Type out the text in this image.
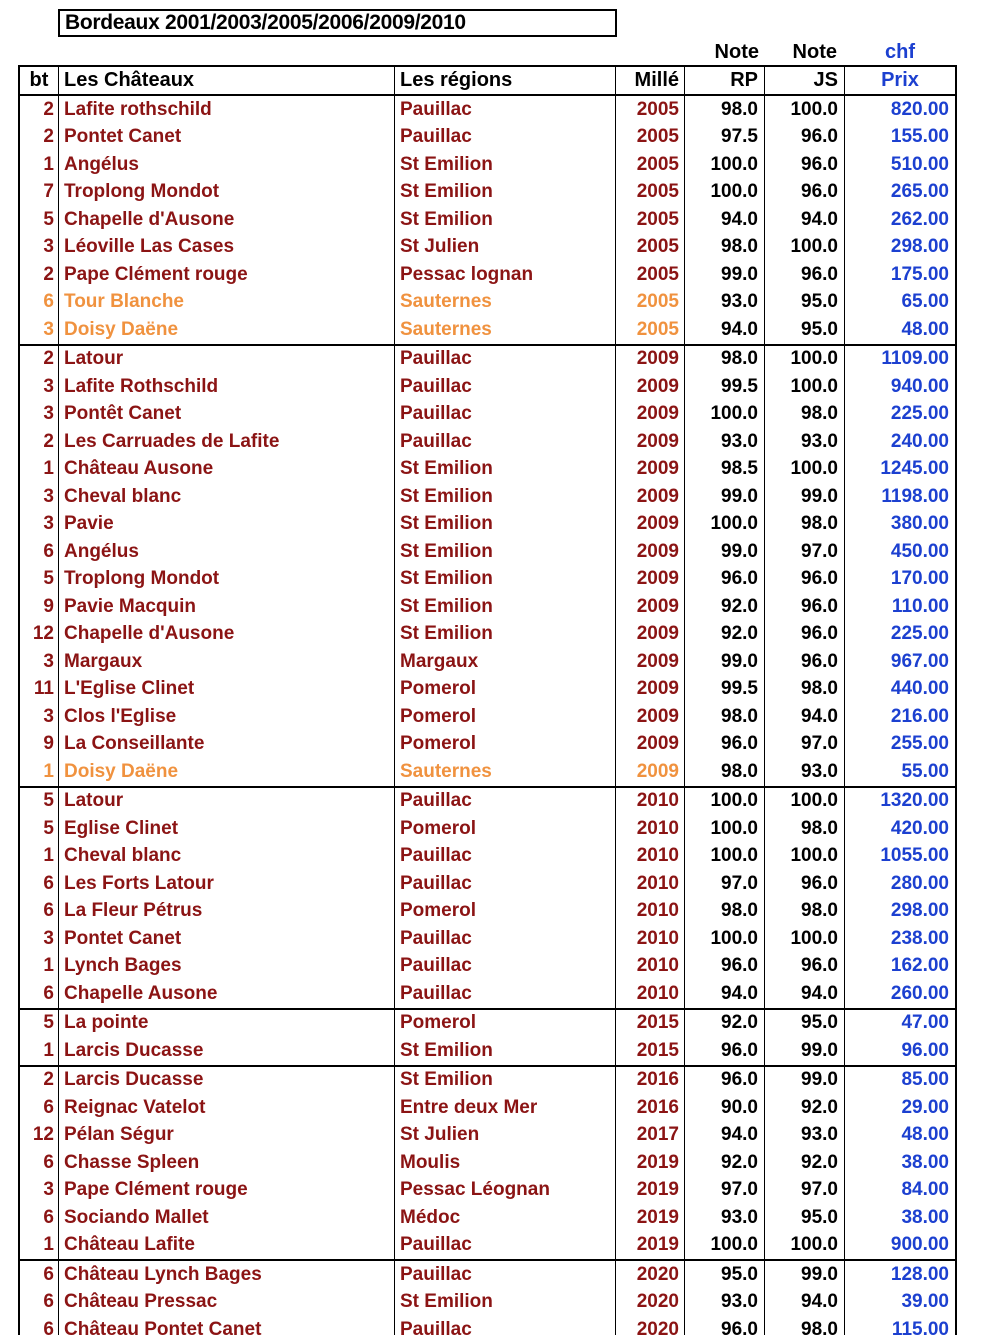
Bordeaux 2001/2003/2005/2006/2009/2010
Note	Note	chf
bt Les Châteaux	Les régions	Millé	RP	JS	Prix
2 Lafite rothschild	Pauillac	2005	98.0	100.0	820.00
2 Pontet Canet	Pauillac	2005	97.5	96.0	155.00
1 Angélus	St Emilion	2005	100.0	96.0	510.00
7 Troplong Mondot	St Emilion	2005	100.0	96.0	265.00
5 Chapelle d'Ausone	St Emilion	2005	94.0	94.0	262.00
3 Léoville Las Cases	St Julien	2005	98.0	100.0	298.00
2 Pape Clément rouge	Pessac lognan	2005	99.0	96.0	175.00
6 Tour Blanche	Sauternes	2005	93.0	95.0	65.00
3 Doisy Daëne	Sauternes	2005	94.0	95.0	48.00
2 Latour	Pauillac	2009	98.0	100.0	1109.00
3 Lafite Rothschild	Pauillac	2009	99.5	100.0	940.00
3 Pontêt Canet	Pauillac	2009	100.0	98.0	225.00
2 Les Carruades de Lafite	Pauillac	2009	93.0	93.0	240.00
1 Château Ausone	St Emilion	2009	98.5	100.0	1245.00
3 Cheval blanc	St Emilion	2009	99.0	99.0	1198.00
3 Pavie	St Emilion	2009	100.0	98.0	380.00
6 Angélus	St Emilion	2009	99.0	97.0	450.00
5 Troplong Mondot	St Emilion	2009	96.0	96.0	170.00
9 Pavie Macquin	St Emilion	2009	92.0	96.0	110.00
12 Chapelle d'Ausone	St Emilion	2009	92.0	96.0	225.00
3 Margaux	Margaux	2009	99.0	96.0	967.00
11 L'Eglise Clinet	Pomerol	2009	99.5	98.0	440.00
3 Clos l'Eglise	Pomerol	2009	98.0	94.0	216.00
9 La Conseillante	Pomerol	2009	96.0	97.0	255.00
1 Doisy Daëne	Sauternes	2009	98.0	93.0	55.00
5 Latour	Pauillac	2010	100.0	100.0	1320.00
5 Eglise Clinet	Pomerol	2010	100.0	98.0	420.00
1 Cheval blanc	Pauillac	2010	100.0	100.0	1055.00
6 Les Forts Latour	Pauillac	2010	97.0	96.0	280.00
6 La Fleur Pétrus	Pomerol	2010	98.0	98.0	298.00
3 Pontet Canet	Pauillac	2010	100.0	100.0	238.00
1 Lynch Bages	Pauillac	2010	96.0	96.0	162.00
6 Chapelle Ausone	Pauillac	2010	94.0	94.0	260.00
5 La pointe	Pomerol	2015	92.0	95.0	47.00
1 Larcis Ducasse	St Emilion	2015	96.0	99.0	96.00
2 Larcis Ducasse	St Emilion	2016	96.0	99.0	85.00
6 Reignac Vatelot	Entre deux Mer	2016	90.0	92.0	29.00
12 Pélan Ségur	St Julien	2017	94.0	93.0	48.00
6 Chasse Spleen	Moulis	2019	92.0	92.0	38.00
3 Pape Clément rouge	Pessac Léognan	2019	97.0	97.0	84.00
6 Sociando Mallet	Médoc	2019	93.0	95.0	38.00
1 Château Lafite	Pauillac	2019	100.0	100.0	900.00
6 Château Lynch Bages	Pauillac	2020	95.0	99.0	128.00
6 Château Pressac	St Emilion	2020	93.0	94.0	39.00
6 Château Pontet Canet	Pauillac	2020	96.0	98.0	115.00
